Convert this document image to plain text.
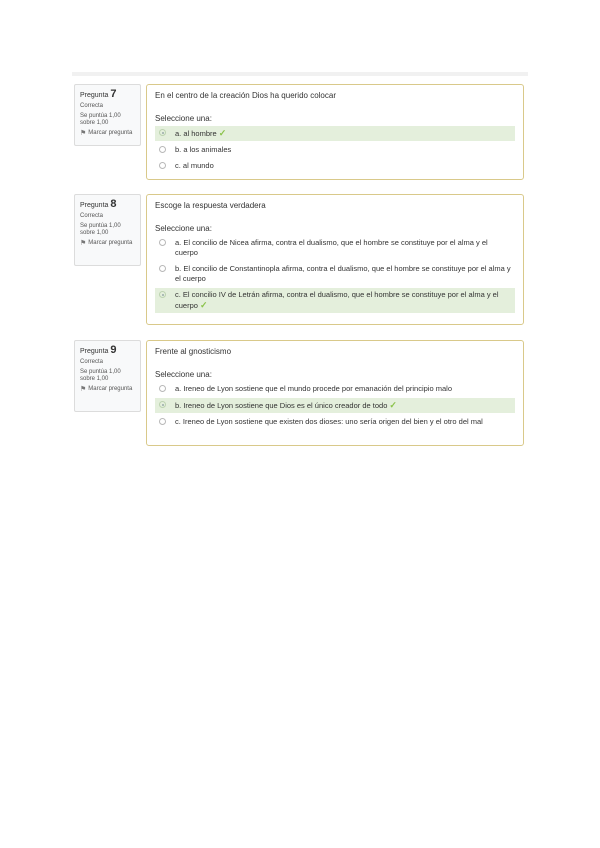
Pregunta 7
Correcta
Se puntúa 1,00 sobre 1,00
⚑ Marcar pregunta
En el centro de la creación Dios ha querido colocar
Seleccione una:
a. al hombre ✓
b. a los animales
c. al mundo
Pregunta 8
Correcta
Se puntúa 1,00 sobre 1,00
⚑ Marcar pregunta
Escoge la respuesta verdadera
Seleccione una:
a. El concilio de Nicea afirma, contra el dualismo, que el hombre se constituye por el alma y el cuerpo
b. El concilio de Constantinopla afirma, contra el dualismo, que el hombre se constituye por el alma y el cuerpo
c. El concilio IV de Letrán afirma, contra el dualismo, que el hombre se constituye por el alma y el cuerpo ✓
Pregunta 9
Correcta
Se puntúa 1,00 sobre 1,00
⚑ Marcar pregunta
Frente al gnosticismo
Seleccione una:
a. Ireneo de Lyon sostiene que el mundo procede por emanación del principio malo
b. Ireneo de Lyon sostiene que Dios es el único creador de todo ✓
c. Ireneo de Lyon sostiene que existen dos dioses: uno sería origen del bien y el otro del mal
